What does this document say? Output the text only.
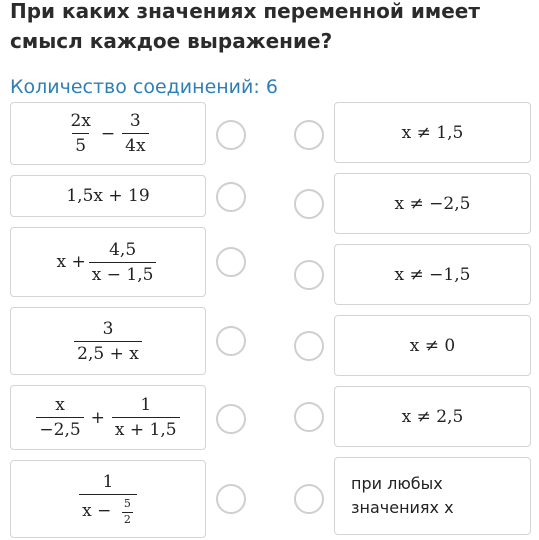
При каких значениях переменной имеет смысл каждое выражение?
Количество соединений: 6
$\frac{2x}{5} - \frac{3}{4x}$
1,5x + 19
$x + \frac{4,5}{x - 1,5}$
$\frac{3}{2,5 + x}$
$\frac{x}{-2,5} + \frac{1}{x + 1,5}$
$\frac{1}{x - \frac{5}{2}}$
x ≠ 1,5
x ≠ −2,5
x ≠ −1,5
x ≠ 0
x ≠ 2,5
при любых значениях x
